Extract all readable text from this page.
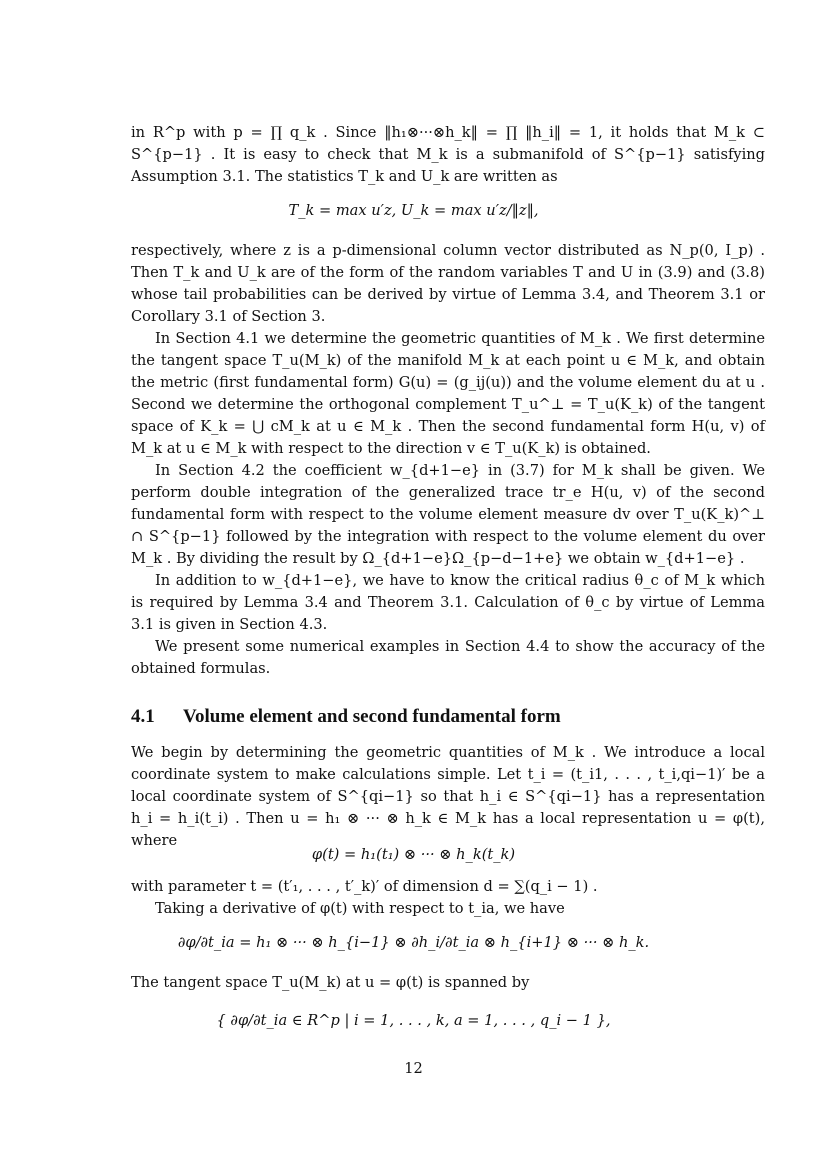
in R^p with p = ∏ q_k . Since ‖h₁⊗···⊗h_k‖ = ∏ ‖h_i‖ = 1, it holds that M_k ⊂ S^{p−1} . It is easy to check that M_k is a submanifold of S^{p−1} satisfying Assumption 3.1. The statistics T_k and U_k are written as
T_k = max u′z, U_k = max u′z/‖z‖,
respectively, where z is a p-dimensional column vector distributed as N_p(0, I_p) . Then T_k and U_k are of the form of the random variables T and U in (3.9) and (3.8) whose tail probabilities can be derived by virtue of Lemma 3.4, and Theorem 3.1 or Corollary 3.1 of Section 3.
In Section 4.1 we determine the geometric quantities of M_k . We first determine the tangent space T_u(M_k) of the manifold M_k at each point u ∈ M_k, and obtain the metric (first fundamental form) G(u) = (g_ij(u)) and the volume element du at u . Second we determine the orthogonal complement T_u^⊥ = T_u(K_k) of the tangent space of K_k = ⋃ cM_k at u ∈ M_k . Then the second fundamental form H(u, v) of M_k at u ∈ M_k with respect to the direction v ∈ T_u(K_k) is obtained.
In Section 4.2 the coefficient w_{d+1−e} in (3.7) for M_k shall be given. We perform double integration of the generalized trace tr_e H(u, v) of the second fundamental form with respect to the volume element measure dv over T_u(K_k)^⊥ ∩ S^{p−1} followed by the integration with respect to the volume element du over M_k . By dividing the result by Ω_{d+1−e}Ω_{p−d−1+e} we obtain w_{d+1−e} .
In addition to w_{d+1−e}, we have to know the critical radius θ_c of M_k which is required by Lemma 3.4 and Theorem 3.1. Calculation of θ_c by virtue of Lemma 3.1 is given in Section 4.3.
We present some numerical examples in Section 4.4 to show the accuracy of the obtained formulas.
4.1 Volume element and second fundamental form
We begin by determining the geometric quantities of M_k . We introduce a local coordinate system to make calculations simple. Let t_i = (t_i1, . . . , t_i,qi−1)′ be a local coordinate system of S^{qi−1} so that h_i ∈ S^{qi−1} has a representation h_i = h_i(t_i) . Then u = h₁ ⊗ ··· ⊗ h_k ∈ M_k has a local representation u = φ(t), where
φ(t) = h₁(t₁) ⊗ ··· ⊗ h_k(t_k)
with parameter t = (t′₁, . . . , t′_k)′ of dimension d = ∑(q_i − 1) .
Taking a derivative of φ(t) with respect to t_ia, we have
∂φ/∂t_ia = h₁ ⊗ ··· ⊗ h_{i−1} ⊗ ∂h_i/∂t_ia ⊗ h_{i+1} ⊗ ··· ⊗ h_k.
The tangent space T_u(M_k) at u = φ(t) is spanned by
{ ∂φ/∂t_ia ∈ R^p | i = 1, . . . , k, a = 1, . . . , q_i − 1 },
12
